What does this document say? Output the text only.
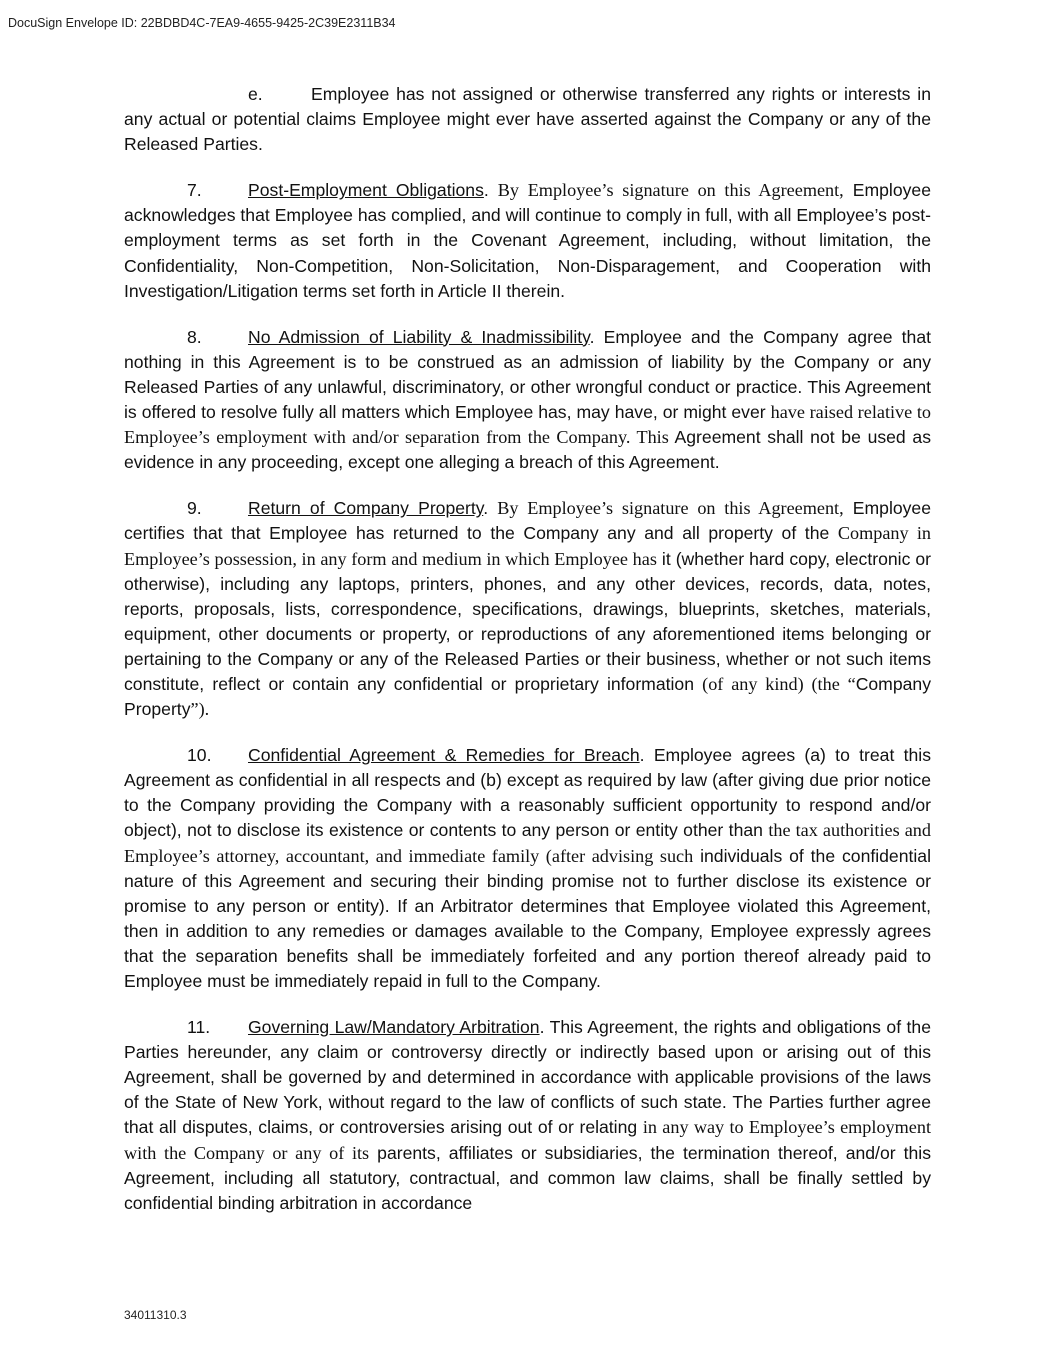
DocuSign Envelope ID: 22BDBD4C-7EA9-4655-9425-2C39E2311B34

e.	Employee has not assigned or otherwise transferred any rights or interests in any actual or potential claims Employee might ever have asserted against the Company or any of the Released Parties.

7.	Post-Employment Obligations. By Employee’s signature on this Agreement, Employee acknowledges that Employee has complied, and will continue to comply in full, with all Employee’s post-employment terms as set forth in the Covenant Agreement, including, without limitation, the Confidentiality, Non-Competition, Non-Solicitation, Non-Disparagement, and Cooperation with Investigation/Litigation terms set forth in Article II therein.

8.	No Admission of Liability & Inadmissibility. Employee and the Company agree that nothing in this Agreement is to be construed as an admission of liability by the Company or any Released Parties of any unlawful, discriminatory, or other wrongful conduct or practice. This Agreement is offered to resolve fully all matters which Employee has, may have, or might ever have raised relative to Employee’s employment with and/or separation from the Company. This Agreement shall not be used as evidence in any proceeding, except one alleging a breach of this Agreement.

9.	Return of Company Property. By Employee’s signature on this Agreement, Employee certifies that that Employee has returned to the Company any and all property of the Company in Employee’s possession, in any form and medium in which Employee has it (whether hard copy, electronic or otherwise), including any laptops, printers, phones, and any other devices, records, data, notes, reports, proposals, lists, correspondence, specifications, drawings, blueprints, sketches, materials, equipment, other documents or property, or reproductions of any aforementioned items belonging or pertaining to the Company or any of the Released Parties or their business, whether or not such items constitute, reflect or contain any confidential or proprietary information (of any kind) (the “Company Property”).

10. Confidential Agreement & Remedies for Breach. Employee agrees (a) to treat this Agreement as confidential in all respects and (b) except as required by law (after giving due prior notice to the Company providing the Company with a reasonably sufficient opportunity to respond and/or object), not to disclose its existence or contents to any person or entity other than the tax authorities and Employee’s attorney, accountant, and immediate family (after advising such individuals of the confidential nature of this Agreement and securing their binding promise not to further disclose its existence or promise to any person or entity). If an Arbitrator determines that Employee violated this Agreement, then in addition to any remedies or damages available to the Company, Employee expressly agrees that the separation benefits shall be immediately forfeited and any portion thereof already paid to Employee must be immediately repaid in full to the Company.

11. Governing Law/Mandatory Arbitration. This Agreement, the rights and obligations of the Parties hereunder, any claim or controversy directly or indirectly based upon or arising out of this Agreement, shall be governed by and determined in accordance with applicable provisions of the laws of the State of New York, without regard to the law of conflicts of such state. The Parties further agree that all disputes, claims, or controversies arising out of or relating in any way to Employee’s employment with the Company or any of its parents, affiliates or subsidiaries, the termination thereof, and/or this Agreement, including all statutory, contractual, and common law claims, shall be finally settled by confidential binding arbitration in accordance

34011310.3
